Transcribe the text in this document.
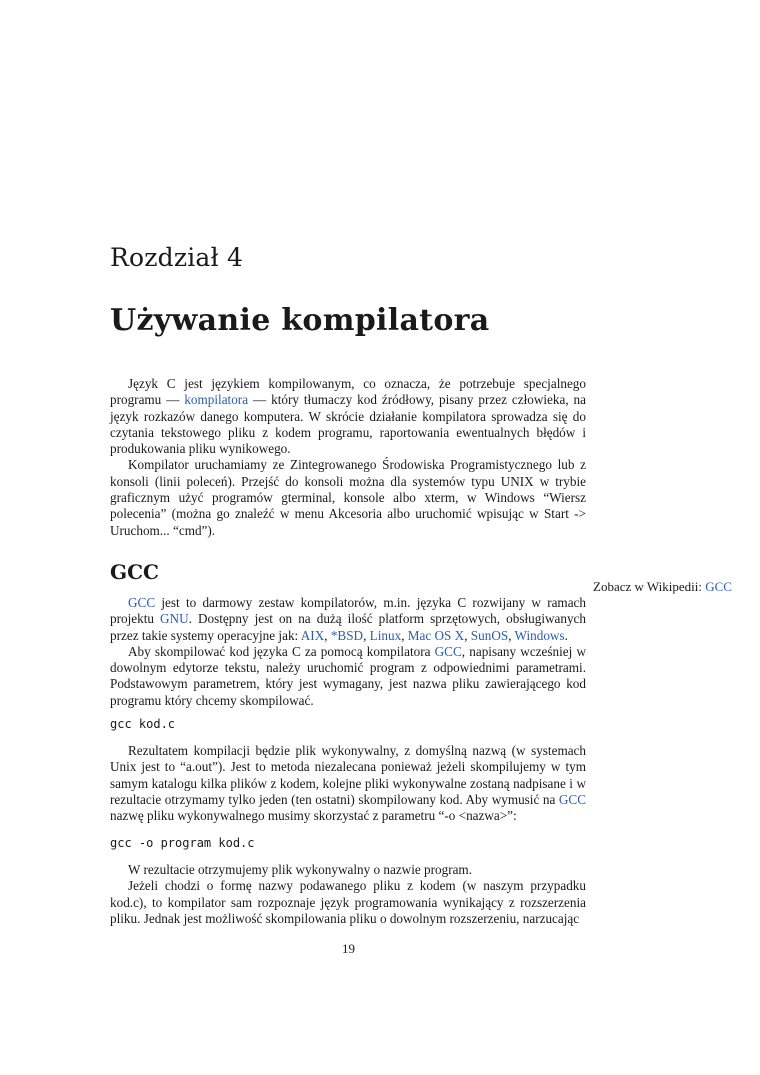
Rozdział 4
Używanie kompilatora

Język C jest językiem kompilowanym, co oznacza, że potrzebuje specjalnego programu — kompilatora — który tłumaczy kod źródłowy, pisany przez człowieka, na język rozkazów danego komputera. W skrócie działanie kompilatora sprowadza się do czytania tekstowego pliku z kodem programu, raportowania ewentualnych błędów i produkowania pliku wynikowego.

Kompilator uruchamiamy ze Zintegrowanego Środowiska Programistycznego lub z konsoli (linii poleceń). Przejść do konsoli można dla systemów typu UNIX w trybie graficznym użyć programów gterminal, konsole albo xterm, w Windows “Wiersz polecenia” (można go znaleźć w menu Akcesoria albo uruchomić wpisując w Start -> Uruchom... “cmd”).

GCC
Zobacz w Wikipedii: GCC

GCC jest to darmowy zestaw kompilatorów, m.in. języka C rozwijany w ramach projektu GNU. Dostępny jest on na dużą ilość platform sprzętowych, obsługiwanych przez takie systemy operacyjne jak: AIX, *BSD, Linux, Mac OS X, SunOS, Windows.

Aby skompilować kod języka C za pomocą kompilatora GCC, napisany wcześniej w dowolnym edytorze tekstu, należy uruchomić program z odpowiednimi parametrami. Podstawowym parametrem, który jest wymagany, jest nazwa pliku zawierającego kod programu który chcemy skompilować.

gcc kod.c

Rezultatem kompilacji będzie plik wykonywalny, z domyślną nazwą (w systemach Unix jest to “a.out”). Jest to metoda niezalecana ponieważ jeżeli skompilujemy w tym samym katalogu kilka plików z kodem, kolejne pliki wykonywalne zostaną nadpisane i w rezultacie otrzymamy tylko jeden (ten ostatni) skompilowany kod. Aby wymusić na GCC nazwę pliku wykonywalnego musimy skorzystać z parametru “-o <nazwa>”:

gcc -o program kod.c

W rezultacie otrzymujemy plik wykonywalny o nazwie program.

Jeżeli chodzi o formę nazwy podawanego pliku z kodem (w naszym przypadku kod.c), to kompilator sam rozpoznaje język programowania wynikający z rozszerzenia pliku. Jednak jest możliwość skompilowania pliku o dowolnym rozszerzeniu, narzucając

19
